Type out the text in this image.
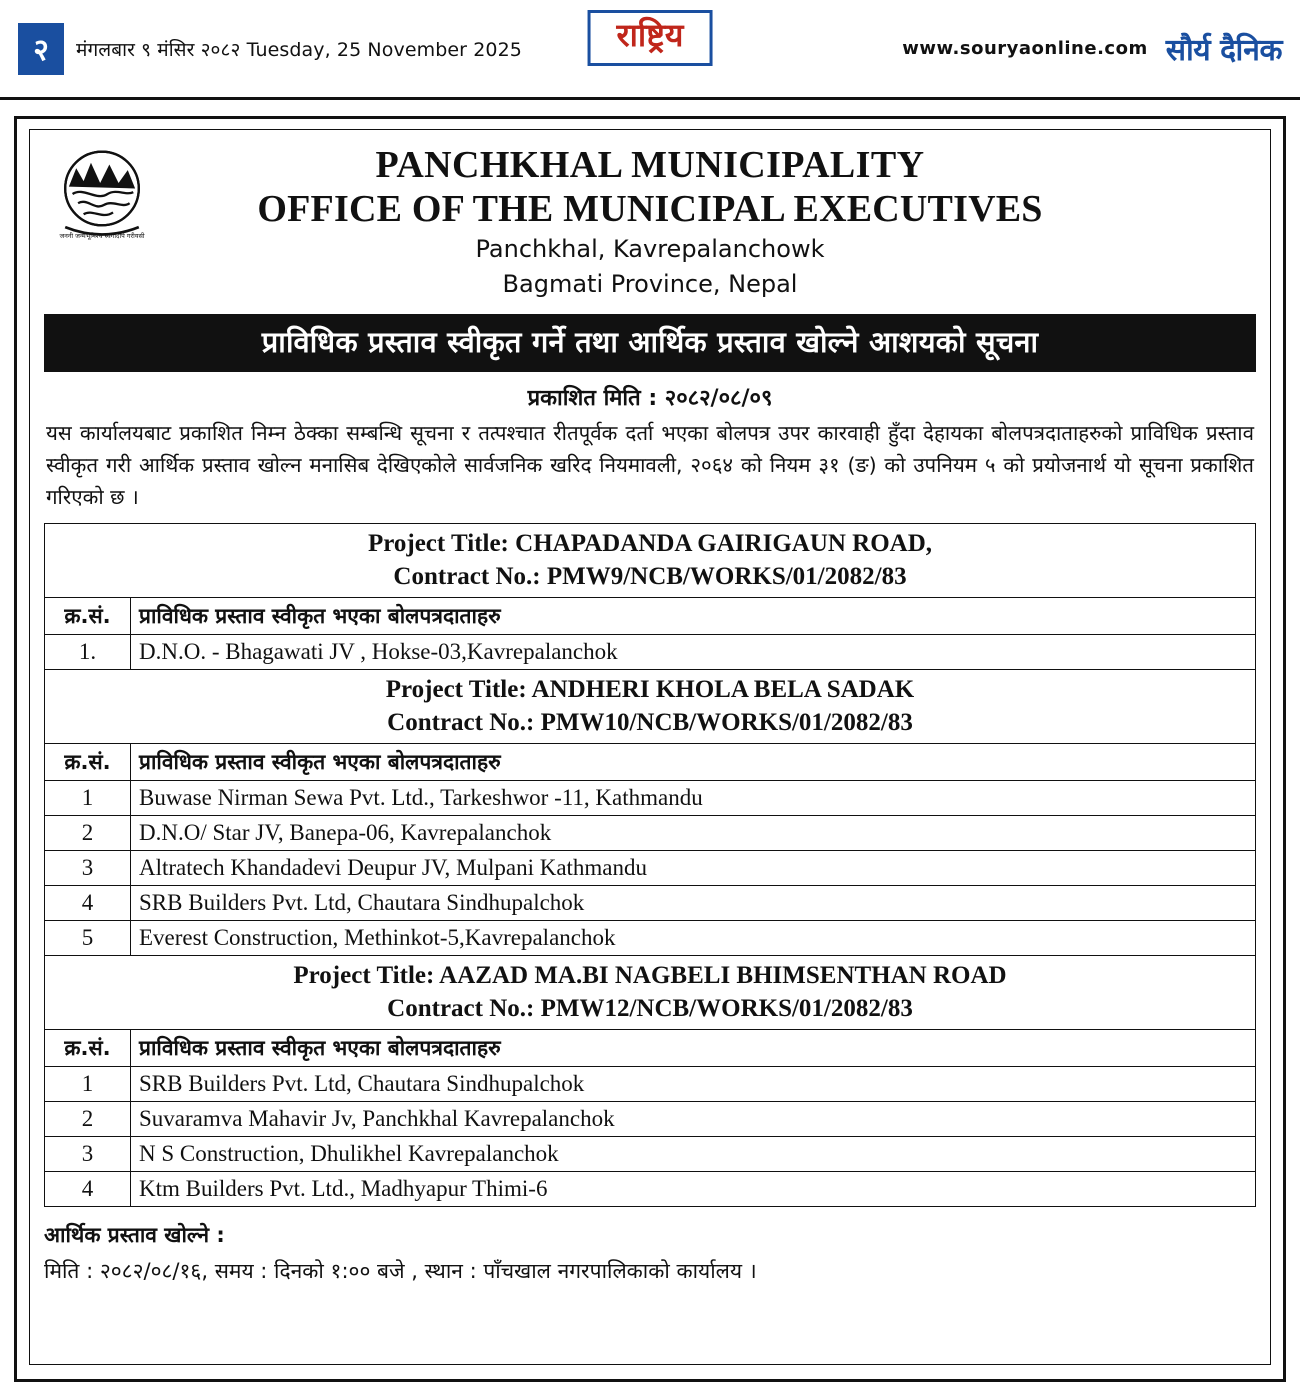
२	मंगलबार ९ मंसिर २०८२ Tuesday, 25 November 2025	राष्ट्रिय	www.souryaonline.com सौर्य दैनिक
जननी जन्मभूमिश्च स्वर्गादपि गरीयसी
PANCHKHAL MUNICIPALITY
OFFICE OF THE MUNICIPAL EXECUTIVES
Panchkhal, Kavrepalanchowk
Bagmati Province, Nepal
प्राविधिक प्रस्ताव स्वीकृत गर्ने तथा आर्थिक प्रस्ताव खोल्ने आशयको सूचना
प्रकाशित मिति : २०८२/०८/०९
यस कार्यालयबाट प्रकाशित निम्न ठेक्का सम्बन्धि सूचना र तत्पश्चात रीतपूर्वक दर्ता भएका बोलपत्र उपर कारवाही हुँदा देहायका बोलपत्रदाताहरुको प्राविधिक प्रस्ताव स्वीकृत गरी आर्थिक प्रस्ताव खोल्न मनासिब देखिएकोले सार्वजनिक खरिद नियमावली, २०६४ को नियम ३१ (ङ) को उपनियम ५ को प्रयोजनार्थ यो सूचना प्रकाशित गरिएको छ ।
Project Title: CHAPADANDA GAIRIGAUN ROAD,
Contract No.: PMW9/NCB/WORKS/01/2082/83	

क्र.सं.	प्राविधिक प्रस्ताव स्वीकृत भएका बोलपत्रदाताहरु
1.	D.N.O. - Bhagawati JV , Hokse-03,Kavrepalanchok

Project Title: ANDHERI KHOLA BELA SADAK
Contract No.: PMW10/NCB/WORKS/01/2082/83	

क्र.सं.	प्राविधिक प्रस्ताव स्वीकृत भएका बोलपत्रदाताहरु
1	Buwase Nirman Sewa Pvt. Ltd., Tarkeshwor -11, Kathmandu
2	D.N.O/ Star JV, Banepa-06, Kavrepalanchok
3	Altratech Khandadevi Deupur JV, Mulpani Kathmandu
4	SRB Builders Pvt. Ltd, Chautara Sindhupalchok
5	Everest Construction, Methinkot-5,Kavrepalanchok

Project Title: AAZAD MA.BI NAGBELI BHIMSENTHAN ROAD
Contract No.: PMW12/NCB/WORKS/01/2082/83	

क्र.सं.	प्राविधिक प्रस्ताव स्वीकृत भएका बोलपत्रदाताहरु
1	SRB Builders Pvt. Ltd, Chautara Sindhupalchok
2	Suvaramva Mahavir Jv, Panchkhal Kavrepalanchok
3	N S Construction, Dhulikhel Kavrepalanchok
4	Ktm Builders Pvt. Ltd., Madhyapur Thimi-6
आर्थिक प्रस्ताव खोल्ने :
मिति : २०८२/०८/१६, समय : दिनको १:०० बजे , स्थान : पाँचखाल नगरपालिकाको कार्यालय ।
